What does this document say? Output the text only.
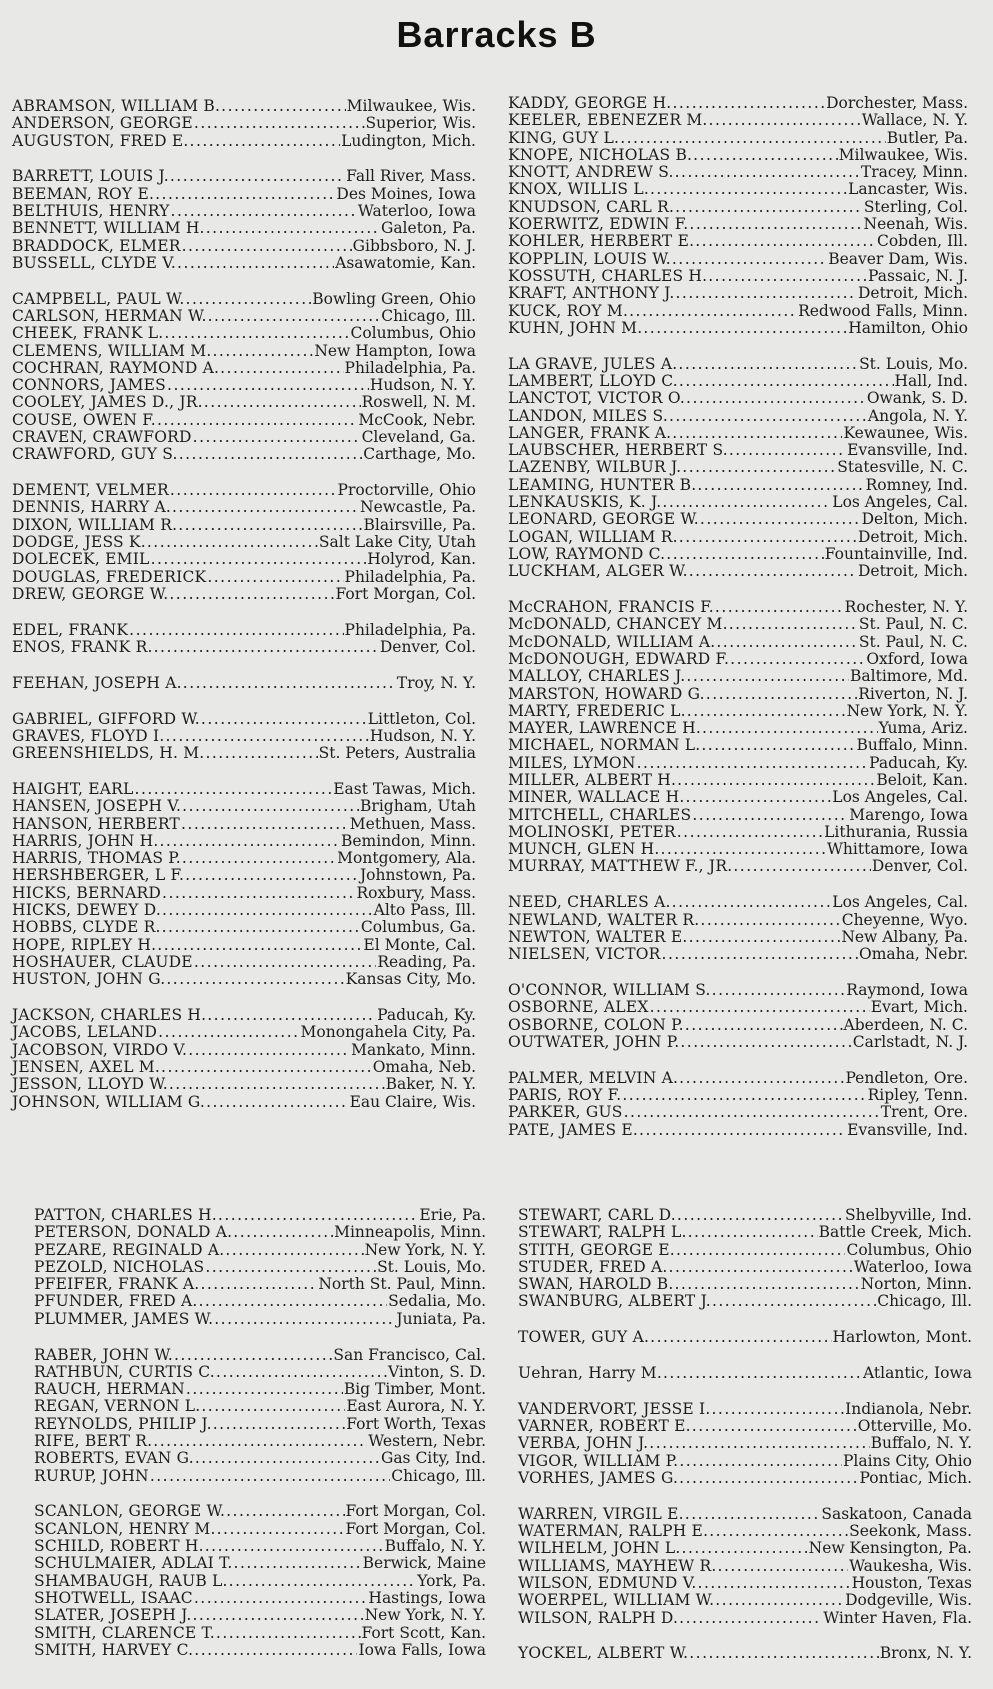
Barracks B
ABRAMSON, WILLIAM B. .....	Milwaukee, Wis.
ANDERSON, GEORGE .....	Superior, Wis.
AUGUSTON, FRED E. .....	Ludington, Mich.
BARRETT, LOUIS J. .....	Fall River, Mass.
BEEMAN, ROY E. .....	Des Moines, Iowa
BELTHUIS, HENRY .....	Waterloo, Iowa
BENNETT, WILLIAM H. .....	Galeton, Pa.
BRADDOCK, ELMER .....	Gibbsboro, N. J.
BUSSELL, CLYDE V. .....	Asawatomie, Kan.
CAMPBELL, PAUL W. .....	Bowling Green, Ohio
CARLSON, HERMAN W. .....	Chicago, Ill.
CHEEK, FRANK L. .....	Columbus, Ohio
CLEMENS, WILLIAM M. .....	New Hampton, Iowa
COCHRAN, RAYMOND A. .....	Philadelphia, Pa.
CONNORS, JAMES .....	Hudson, N. Y.
COOLEY, JAMES D., JR. .....	Roswell, N. M.
COUSE, OWEN F. .....	McCook, Nebr.
CRAVEN, CRAWFORD .....	Cleveland, Ga.
CRAWFORD, GUY S. .....	Carthage, Mo.
DEMENT, VELMER .....	Proctorville, Ohio
DENNIS, HARRY A. .....	Newcastle, Pa.
DIXON, WILLIAM R. .....	Blairsville, Pa.
DODGE, JESS K. .....	Salt Lake City, Utah
DOLECEK, EMIL .....	Holyrod, Kan.
DOUGLAS, FREDERICK .....	Philadelphia, Pa.
DREW, GEORGE W. .....	Fort Morgan, Col.
EDEL, FRANK .....	Philadelphia, Pa.
ENOS, FRANK R. .....	Denver, Col.
FEEHAN, JOSEPH A. .....	Troy, N. Y.
GABRIEL, GIFFORD W. .....	Littleton, Col.
GRAVES, FLOYD I. .....	Hudson, N. Y.
GREENSHIELDS, H. M. .....	St. Peters, Australia
HAIGHT, EARL .....	East Tawas, Mich.
HANSEN, JOSEPH V. .....	Brigham, Utah
HANSON, HERBERT .....	Methuen, Mass.
HARRIS, JOHN H. .....	Bemindon, Minn.
HARRIS, THOMAS P. .....	Montgomery, Ala.
HERSHBERGER, L F. .....	Johnstown, Pa.
HICKS, BERNARD .....	Roxbury, Mass.
HICKS, DEWEY D. .....	Alto Pass, Ill.
HOBBS, CLYDE R. .....	Columbus, Ga.
HOPE, RIPLEY H. .....	El Monte, Cal.
HOSHAUER, CLAUDE .....	Reading, Pa.
HUSTON, JOHN G. .....	Kansas City, Mo.
JACKSON, CHARLES H. .....	Paducah, Ky.
JACOBS, LELAND .....	Monongahela City, Pa.
JACOBSON, VIRDO V. .....	Mankato, Minn.
JENSEN, AXEL M. .....	Omaha, Neb.
JESSON, LLOYD W. .....	Baker, N. Y.
JOHNSON, WILLIAM G. .....	Eau Claire, Wis.
KADDY, GEORGE H. .....	Dorchester, Mass.
KEELER, EBENEZER M. .....	Wallace, N. Y.
KING, GUY L. .....	Butler, Pa.
KNOPE, NICHOLAS B. .....	Milwaukee, Wis.
KNOTT, ANDREW S. .....	Tracey, Minn.
KNOX, WILLIS L. .....	Lancaster, Wis.
KNUDSON, CARL R. .....	Sterling, Col.
KOERWITZ, EDWIN F. .....	Neenah, Wis.
KOHLER, HERBERT E. .....	Cobden, Ill.
KOPPLIN, LOUIS W. .....	Beaver Dam, Wis.
KOSSUTH, CHARLES H. .....	Passaic, N. J.
KRAFT, ANTHONY J. .....	Detroit, Mich.
KUCK, ROY M. .....	Redwood Falls, Minn.
KUHN, JOHN M. .....	Hamilton, Ohio
LA GRAVE, JULES A. .....	St. Louis, Mo.
LAMBERT, LLOYD C. .....	Hall, Ind.
LANCTOT, VICTOR O. .....	Owank, S. D.
LANDON, MILES S. .....	Angola, N. Y.
LANGER, FRANK A. .....	Kewaunee, Wis.
LAUBSCHER, HERBERT S. .....	Evansville, Ind.
LAZENBY, WILBUR J. .....	Statesville, N. C.
LEAMING, HUNTER B. .....	Romney, Ind.
LENKAUSKIS, K. J. .....	Los Angeles, Cal.
LEONARD, GEORGE W. .....	Delton, Mich.
LOGAN, WILLIAM R. .....	Detroit, Mich.
LOW, RAYMOND C. .....	Fountainville, Ind.
LUCKHAM, ALGER W. .....	Detroit, Mich.
McCRAHON, FRANCIS F. .....	Rochester, N. Y.
McDONALD, CHANCEY M. .....	St. Paul, N. C.
McDONALD, WILLIAM A. .....	St. Paul, N. C.
McDONOUGH, EDWARD F. .....	Oxford, Iowa
MALLOY, CHARLES J. .....	Baltimore, Md.
MARSTON, HOWARD G. .....	Riverton, N. J.
MARTY, FREDERIC L. .....	New York, N. Y.
MAYER, LAWRENCE H. .....	Yuma, Ariz.
MICHAEL, NORMAN L. .....	Buffalo, Minn.
MILES, LYMON .....	Paducah, Ky.
MILLER, ALBERT H. .....	Beloit, Kan.
MINER, WALLACE H. .....	Los Angeles, Cal.
MITCHELL, CHARLES .....	Marengo, Iowa
MOLINOSKI, PETER .....	Lithurania, Russia
MUNCH, GLEN H. .....	Whittamore, Iowa
MURRAY, MATTHEW F., JR. .....	Denver, Col.
NEED, CHARLES A. .....	Los Angeles, Cal.
NEWLAND, WALTER R. .....	Cheyenne, Wyo.
NEWTON, WALTER E. .....	New Albany, Pa.
NIELSEN, VICTOR .....	Omaha, Nebr.
O'CONNOR, WILLIAM S. .....	Raymond, Iowa
OSBORNE, ALEX .....	Evart, Mich.
OSBORNE, COLON P. .....	Aberdeen, N. C.
OUTWATER, JOHN P. .....	Carlstadt, N. J.
PALMER, MELVIN A. .....	Pendleton, Ore.
PARIS, ROY F. .....	Ripley, Tenn.
PARKER, GUS .....	Trent, Ore.
PATE, JAMES E. .....	Evansville, Ind.
PATTON, CHARLES H. .....	Erie, Pa.
PETERSON, DONALD A. .....	Minneapolis, Minn.
PEZARE, REGINALD A. .....	New York, N. Y.
PEZOLD, NICHOLAS .....	St. Louis, Mo.
PFEIFER, FRANK A. .....	North St. Paul, Minn.
PFUNDER, FRED A. .....	Sedalia, Mo.
PLUMMER, JAMES W. .....	Juniata, Pa.
RABER, JOHN W. .....	San Francisco, Cal.
RATHBUN, CURTIS C. .....	Vinton, S. D.
RAUCH, HERMAN .....	Big Timber, Mont.
REGAN, VERNON L. .....	East Aurora, N. Y.
REYNOLDS, PHILIP J. .....	Fort Worth, Texas
RIFE, BERT R. .....	Western, Nebr.
ROBERTS, EVAN G. .....	Gas City, Ind.
RURUP, JOHN .....	Chicago, Ill.
SCANLON, GEORGE W. .....	Fort Morgan, Col.
SCANLON, HENRY M. .....	Fort Morgan, Col.
SCHILD, ROBERT H. .....	Buffalo, N. Y.
SCHULMAIER, ADLAI T. .....	Berwick, Maine
SHAMBAUGH, RAUB L. .....	York, Pa.
SHOTWELL, ISAAC .....	Hastings, Iowa
SLATER, JOSEPH J. .....	New York, N. Y.
SMITH, CLARENCE T. .....	Fort Scott, Kan.
SMITH, HARVEY C. .....	Iowa Falls, Iowa
STEWART, CARL D. .....	Shelbyville, Ind.
STEWART, RALPH L. .....	Battle Creek, Mich.
STITH, GEORGE E. .....	Columbus, Ohio
STUDER, FRED A. .....	Waterloo, Iowa
SWAN, HAROLD B. .....	Norton, Minn.
SWANBURG, ALBERT J. .....	Chicago, Ill.
TOWER, GUY A. .....	Harlowton, Mont.
Uehran, Harry M. .....	Atlantic, Iowa
VANDERVORT, JESSE I. .....	Indianola, Nebr.
VARNER, ROBERT E. .....	Otterville, Mo.
VERBA, JOHN J. .....	Buffalo, N. Y.
VIGOR, WILLIAM P. .....	Plains City, Ohio
VORHES, JAMES G. .....	Pontiac, Mich.
WARREN, VIRGIL E. .....	Saskatoon, Canada
WATERMAN, RALPH E. .....	Seekonk, Mass.
WILHELM, JOHN L. .....	New Kensington, Pa.
WILLIAMS, MAYHEW R. .....	Waukesha, Wis.
WILSON, EDMUND V. .....	Houston, Texas
WOERPEL, WILLIAM W. .....	Dodgeville, Wis.
WILSON, RALPH D. .....	Winter Haven, Fla.
YOCKEL, ALBERT W. .....	Bronx, N. Y.
